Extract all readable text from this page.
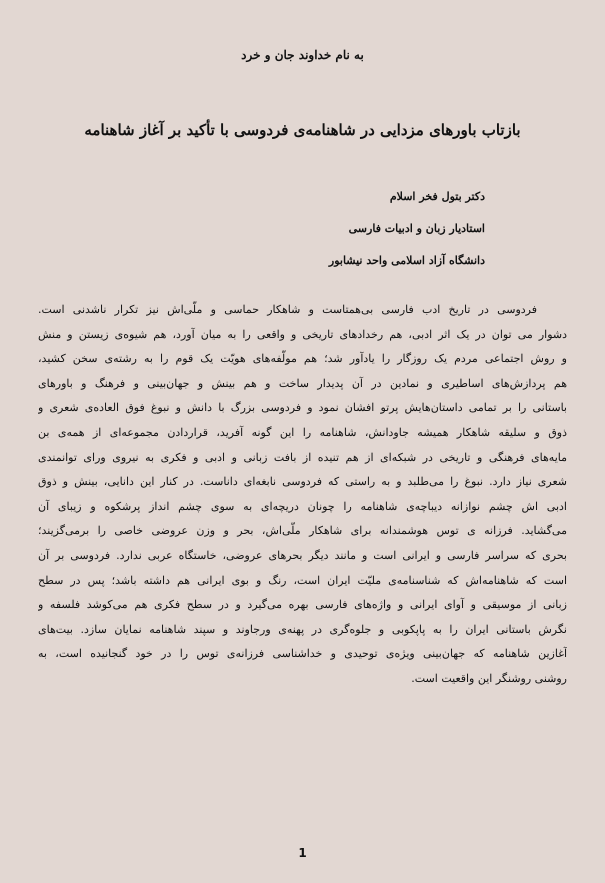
به نام خداوند جان و خرد
بازتاب باورهای مزدایی در شاهنامه‌ی فردوسی با تأکید بر آغاز شاهنامه
دکتر بتول فخر اسلام
استادیار زبان و ادبیات فارسی
دانشگاه آزاد اسلامی واحد نیشابور
فردوسی در تاریخ ادب فارسی بی‌همتاست و شاهکار حماسی و ملّی‌اش نیز تکرار ناشدنی است.
دشوار می توان در یک اثر ادبی، هم رخدادهای تاریخی و واقعی را به میان آورد، هم شیوه‌ی زیستن و منش
و روش اجتماعی مردم یک روزگار را یادآور شد؛ هم مولّفه‌های هویّت یک قوم را به رشته‌ی سخن کشید،
هم پردازش‌های اساطیری و نمادین در آن پدیدار ساخت و هم بینش و جهان‌بینی و فرهنگ و باورهای
باستانی را بر تمامی داستان‌هایش پرتو افشان نمود و فردوسی بزرگ با دانش و نبوغ فوق العاده‌ی شعری و
ذوق و سلیقه شاهکار همیشه جاودانش، شاهنامه را این گونه آفرید، قراردادن مجموعه‌ای از همه‌ی بن
مایه‌های فرهنگی و تاریخی در شبکه‌ای از هم تنیده از بافت زبانی و ادبی و فکری به نیروی ورای توانمندی
شعری نیاز دارد. نبوغ را می‌طلبد و به راستی که فردوسی نابغه‌ای داناست. در کنار این دانایی، بینش و ذوق
ادبی اش چشم نوازانه دیباچه‌ی شاهنامه را چونان دریچه‌ای به سوی چشم انداز پرشکوه و زیبای آن
می‌گشاید. فرزانه ی توس هوشمندانه برای شاهکار ملّی‌اش، بحر و وزن عروضی خاصی را برمی‌گزیند؛
بحری که سراسر فارسی و ایرانی است و مانند دیگر بحرهای عروضی، خاستگاه عربی ندارد. فردوسی بر آن
است که شاهنامه‌اش که شناسنامه‌ی ملیّت ایران است، رنگ و بوی ایرانی هم داشته باشد؛ پس در سطح
زبانی از موسیقی و آوای ایرانی و واژه‌های فارسی بهره می‌گیرد و در سطح فکری هم می‌کوشد فلسفه و
نگرش باستانی ایران را به پاپکوبی و جلوه‌گری در پهنه‌ی ورجاوند و سپند شاهنامه نمایان سازد. بیت‌های
آغازین شاهنامه که جهان‌بینی ویژه‌ی توحیدی و خداشناسی فرزانه‌ی توس را در خود گنجانیده است، به
روشنی روشنگر این واقعیت است.
1
